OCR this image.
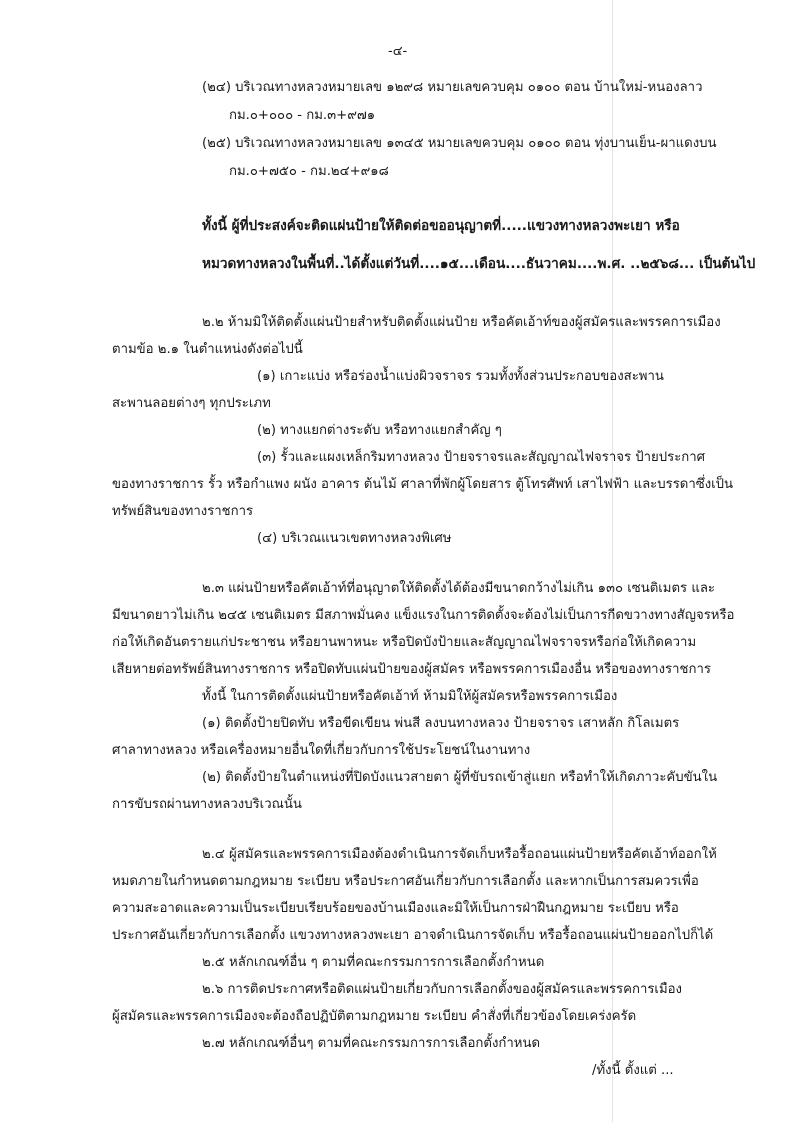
-๔-

(๒๔) บริเวณทางหลวงหมายเลข ๑๒๙๘ หมายเลขควบคุม ๐๑๐๐ ตอน บ้านใหม่-หนองลาว

กม.๐+๐๐๐ - กม.๓+๙๗๑

(๒๕) บริเวณทางหลวงหมายเลข ๑๓๔๕ หมายเลขควบคุม ๐๑๐๐ ตอน ทุ่งบานเย็น-ผาแดงบน

กม.๐+๗๕๐ - กม.๒๔+๙๑๘

ทั้งนี้ ผู้ที่ประสงค์จะติดแผ่นป้ายให้ติดต่อขออนุญาตที่.....แขวงทางหลวงพะเยา หรือ

หมวดทางหลวงในพื้นที่..ได้ตั้งแต่วันที่....๑๕...เดือน....ธันวาคม....พ.ศ. ..๒๕๖๘... เป็นต้นไป

๒.๒ ห้ามมิให้ติดตั้งแผ่นป้ายสำหรับติดตั้งแผ่นป้าย หรือคัตเอ้าท์ของผู้สมัครและพรรคการเมือง

ตามข้อ ๒.๑ ในตำแหน่งดังต่อไปนี้

(๑) เกาะแบ่ง หรือร่องน้ำแบ่งผิวจราจร รวมทั้งทั้งส่วนประกอบของสะพาน

สะพานลอยต่างๆ ทุกประเภท

(๒) ทางแยกต่างระดับ หรือทางแยกสำคัญ ๆ

(๓) รั้วและแผงเหล็กริมทางหลวง ป้ายจราจรและสัญญาณไฟจราจร ป้ายประกาศ

ของทางราชการ รั้ว หรือกำแพง ผนัง อาคาร ต้นไม้ ศาลาที่พักผู้โดยสาร ตู้โทรศัพท์ เสาไฟฟ้า และบรรดาซึ่งเป็น

ทรัพย์สินของทางราชการ

(๔) บริเวณแนวเขตทางหลวงพิเศษ

๒.๓ แผ่นป้ายหรือคัตเอ้าท์ที่อนุญาตให้ติดตั้งได้ต้องมีขนาดกว้างไม่เกิน ๑๓๐ เซนติเมตร และ

มีขนาดยาวไม่เกิน ๒๔๕ เซนติเมตร มีสภาพมั่นคง แข็งแรงในการติดตั้งจะต้องไม่เป็นการกีดขวางทางสัญจรหรือ

ก่อให้เกิดอันตรายแก่ประชาชน หรือยานพาหนะ หรือปิดบังป้ายและสัญญาณไฟจราจรหรือก่อให้เกิดความ

เสียหายต่อทรัพย์สินทางราชการ หรือปิดทับแผ่นป้ายของผู้สมัคร หรือพรรคการเมืองอื่น หรือของทางราชการ

ทั้งนี้ ในการติดตั้งแผ่นป้ายหรือคัตเอ้าท์ ห้ามมิให้ผู้สมัครหรือพรรคการเมือง

(๑) ติดตั้งป้ายปิดทับ หรือขีดเขียน พ่นสี ลงบนทางหลวง ป้ายจราจร เสาหลัก กิโลเมตร

ศาลาทางหลวง หรือเครื่องหมายอื่นใดที่เกี่ยวกับการใช้ประโยชน์ในงานทาง

(๒) ติดตั้งป้ายในตำแหน่งที่ปิดบังแนวสายตา ผู้ที่ขับรถเข้าสู่แยก หรือทำให้เกิดภาวะคับขันใน

การขับรถผ่านทางหลวงบริเวณนั้น

๒.๔ ผู้สมัครและพรรคการเมืองต้องดำเนินการจัดเก็บหรือรื้อถอนแผ่นป้ายหรือคัตเอ้าท์ออกให้

หมดภายในกำหนดตามกฎหมาย ระเบียบ หรือประกาศอันเกี่ยวกับการเลือกตั้ง และหากเป็นการสมควรเพื่อ

ความสะอาดและความเป็นระเบียบเรียบร้อยของบ้านเมืองและมิให้เป็นการฝ่าฝืนกฎหมาย ระเบียบ หรือ

ประกาศอันเกี่ยวกับการเลือกตั้ง แขวงทางหลวงพะเยา อาจดำเนินการจัดเก็บ หรือรื้อถอนแผ่นป้ายออกไปก็ได้

๒.๕ หลักเกณฑ์อื่น ๆ ตามที่คณะกรรมการการเลือกตั้งกำหนด

๒.๖ การติดประกาศหรือติดแผ่นป้ายเกี่ยวกับการเลือกตั้งของผู้สมัครและพรรคการเมือง

ผู้สมัครและพรรคการเมืองจะต้องถือปฏิบัติตามกฎหมาย ระเบียบ คำสั่งที่เกี่ยวข้องโดยเคร่งครัด

๒.๗ หลักเกณฑ์อื่นๆ ตามที่คณะกรรมการการเลือกตั้งกำหนด

/ทั้งนี้ ตั้งแต่ ...
